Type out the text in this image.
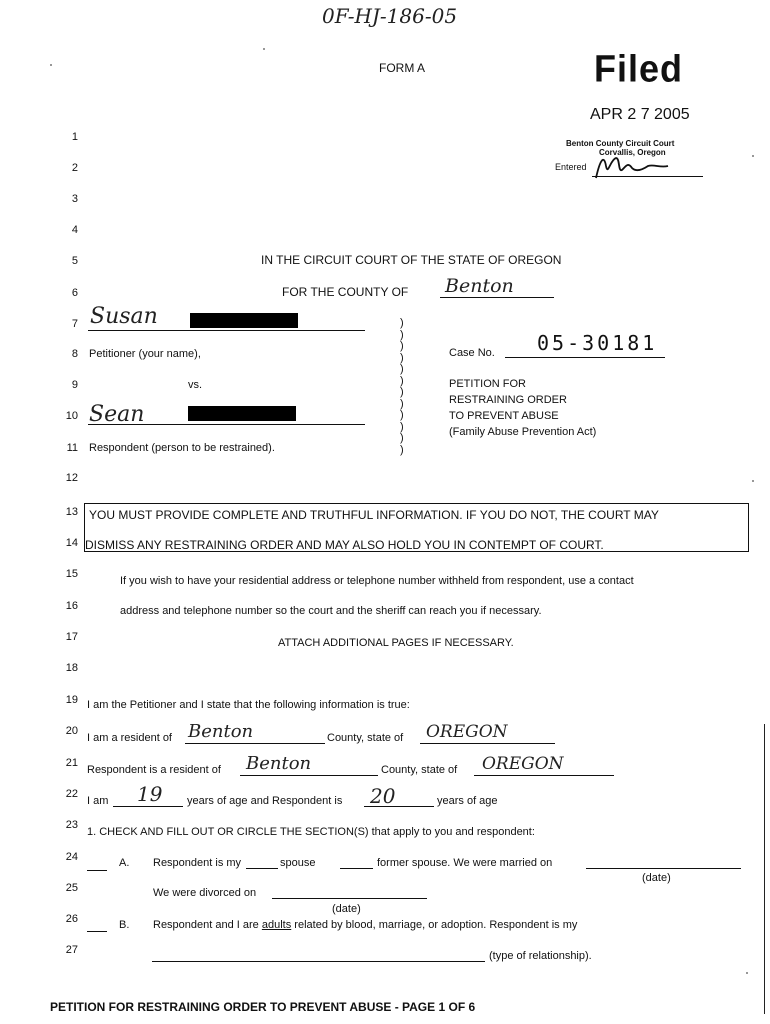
0F-HJ-186-05
FORM A	Filed
APR 2 7 2005
Benton County Circuit Court
Corvallis, Oregon
Entered
1
2
3
4
5
6
7
8
9
10
11
12
13
14
15
16
17
18
19
20
21
22
23
24
25
26
27
IN THE CIRCUIT COURT OF THE STATE OF OREGON
FOR THE COUNTY OF Benton
Susan
Petitioner (your name),
vs.
Sean
Respondent (person to be restrained).
)
)
)
)
)
)
)
)
)
)
)
)
Case No. 05-30181
PETITION FOR
RESTRAINING ORDER
TO PREVENT ABUSE
(Family Abuse Prevention Act)
YOU MUST PROVIDE COMPLETE AND TRUTHFUL INFORMATION. IF YOU DO NOT, THE COURT MAY
DISMISS ANY RESTRAINING ORDER AND MAY ALSO HOLD YOU IN CONTEMPT OF COURT.
If you wish to have your residential address or telephone number withheld from respondent, use a contact
address and telephone number so the court and the sheriff can reach you if necessary.
ATTACH ADDITIONAL PAGES IF NECESSARY.
I am the Petitioner and I state that the following information is true:
I am a resident of Benton	County, state of OREGON
Respondent is a resident of Benton	County, state of OREGON
I am 19 years of age and Respondent is 20	years of age
1. CHECK AND FILL OUT OR CIRCLE THE SECTION(S) that apply to you and respondent:
A. Respondent is my	spouse	former spouse. We were married on
(date)
We were divorced on
(date)
B. Respondent and I are adults related by blood, marriage, or adoption. Respondent is my
(type of relationship).
PETITION FOR RESTRAINING ORDER TO PREVENT ABUSE - PAGE 1 OF 6
